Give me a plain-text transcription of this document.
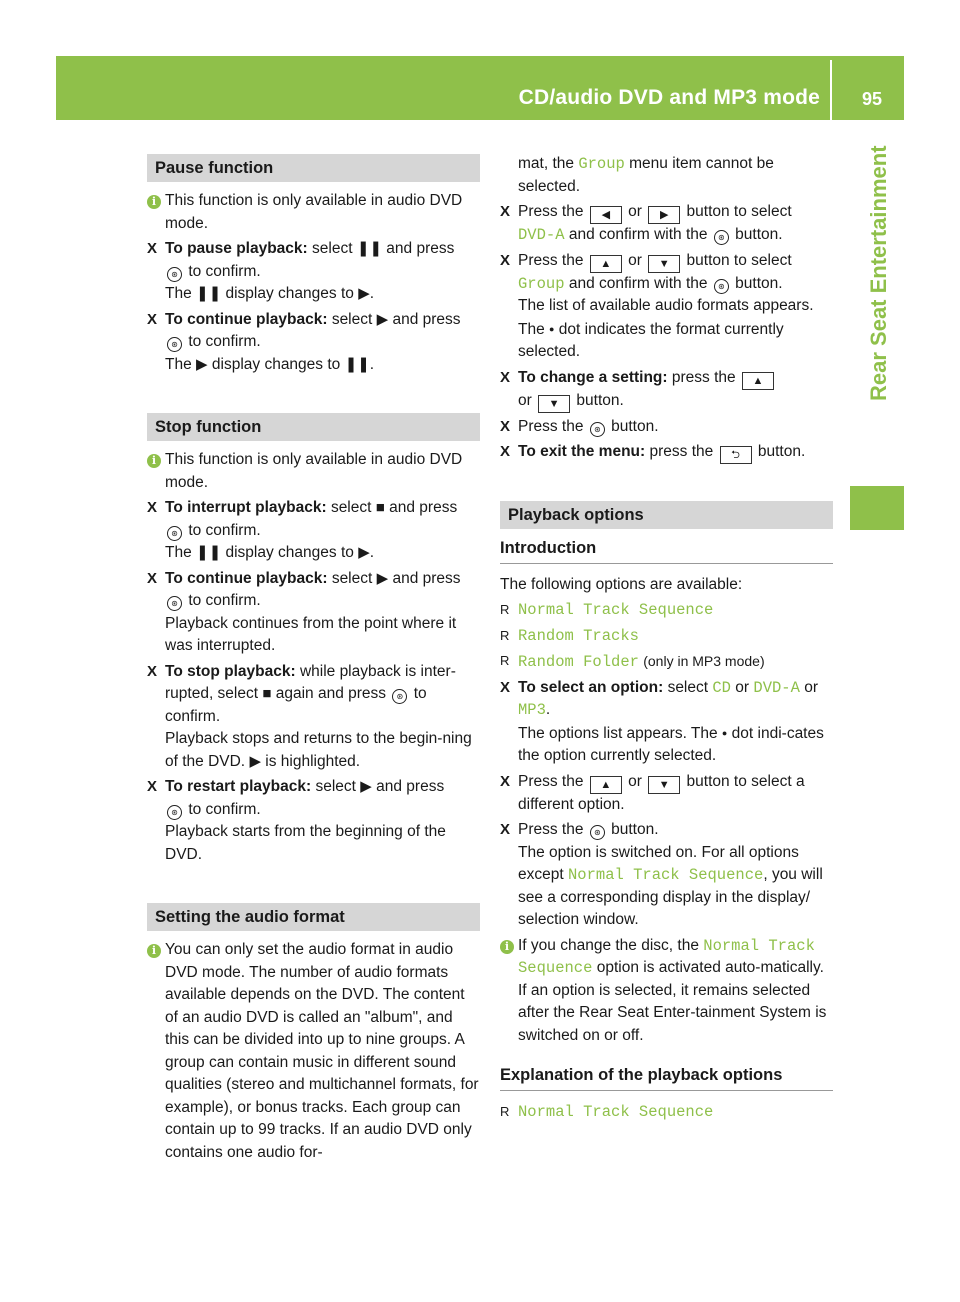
CD/audio DVD and MP3 mode 95
Rear Seat Entertainment
Pause function
i This function is only available in audio DVD mode.
X To pause playback: select ❚❚ and press
⊛ to confirm.
The ❚❚ display changes to ▶.
X To continue playback: select ▶ and press
⊛ to confirm.
The ▶ display changes to ❚❚.
Stop function
i This function is only available in audio DVD mode.
X To interrupt playback: select ■ and press ⊛ to confirm.
The ❚❚ display changes to ▶.
X To continue playback: select ▶ and press
⊛ to confirm.
Playback continues from the point where it was interrupted.
X To stop playback: while playback is inter-rupted, select ■ again and press ⊛ to confirm.
Playback stops and returns to the begin-ning of the DVD. ▶ is highlighted.
X To restart playback: select ▶ and press
⊛ to confirm.
Playback starts from the beginning of the DVD.
Setting the audio format
i You can only set the audio format in audio DVD mode. The number of audio formats available depends on the DVD. The content of an audio DVD is called an "album", and this can be divided into up to nine groups. A group can contain music in different sound qualities (stereo and multichannel formats, for example), or bonus tracks. Each group can contain up to 99 tracks. If an audio DVD only contains one audio for-
mat, the Group menu item cannot be selected.
X Press the ◀ or ▶ button to select
DVD-A and confirm with the ⊛ button.
X Press the ▲ or ▼ button to select
Group and confirm with the ⊛ button.
The list of available audio formats appears. The ● dot indicates the format currently selected.
X To change a setting: press the ▲
or ▼ button.
X Press the ⊛ button.
X To exit the menu: press the ⮌ button.
Playback options
Introduction
The following options are available:
R Normal Track Sequence
R Random Tracks
R Random Folder (only in MP3 mode)
X To select an option: select CD or DVD-A or
MP3.
The options list appears. The ● dot indi-cates the option currently selected.
X Press the ▲ or ▼ button to select a different option.
X Press the ⊛ button.
The option is switched on. For all options except Normal Track Sequence, you will see a corresponding display in the display/ selection window.
i If you change the disc, the Normal Track Sequence option is activated auto-matically. If an option is selected, it remains selected after the Rear Seat Enter-tainment System is switched on or off.
Explanation of the playback options
R Normal Track Sequence
